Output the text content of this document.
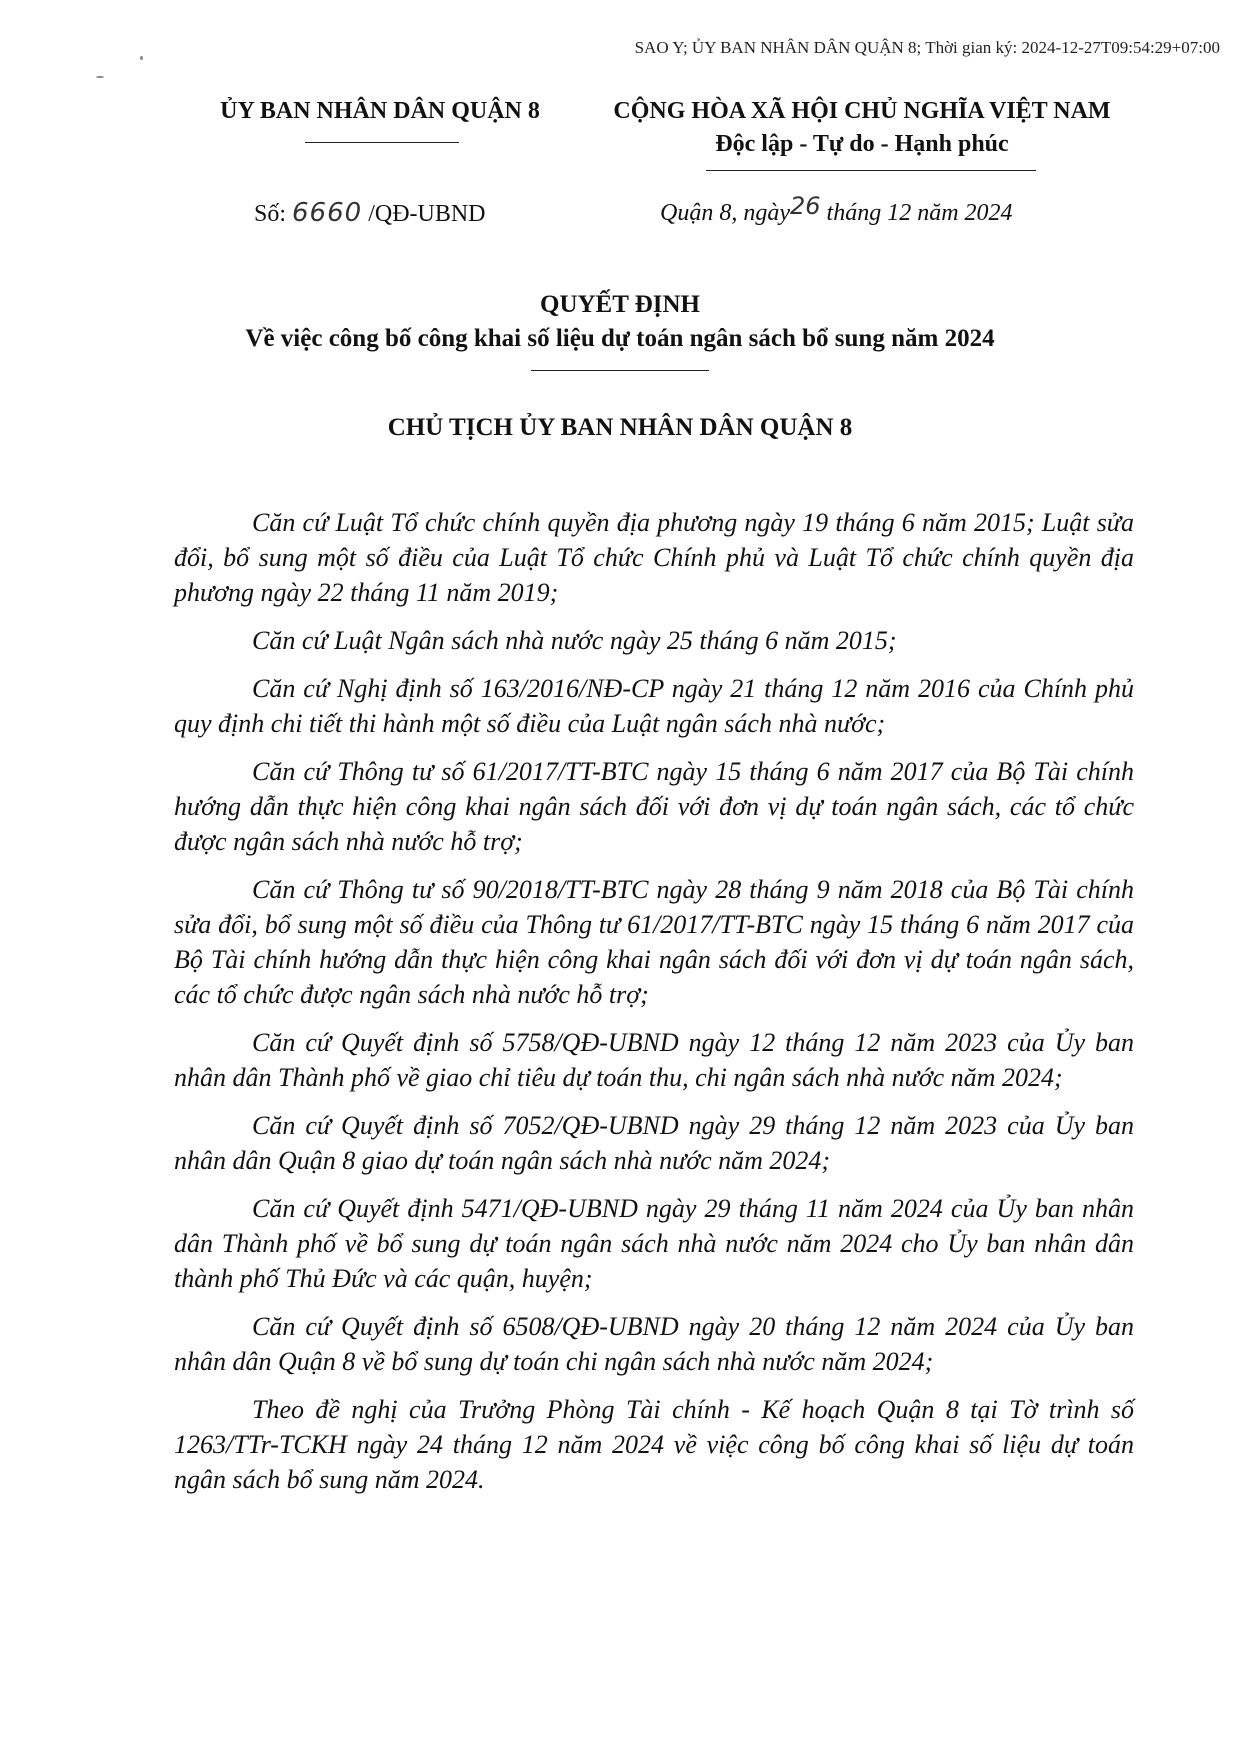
SAO Y; ỦY BAN NHÂN DÂN QUẬN 8; Thời gian ký: 2024-12-27T09:54:29+07:00
ỦY BAN NHÂN DÂN QUẬN 8	CỘNG HÒA XÃ HỘI CHỦ NGHĨA VIỆT NAM
Độc lập - Tự do - Hạnh phúc
Số: 6660 /QĐ-UBND	Quận 8, ngày26 tháng 12 năm 2024
QUYẾT ĐỊNH
Về việc công bố công khai số liệu dự toán ngân sách bổ sung năm 2024
CHỦ TỊCH ỦY BAN NHÂN DÂN QUẬN 8

Căn cứ Luật Tổ chức chính quyền địa phương ngày 19 tháng 6 năm 2015; Luật sửa đổi, bổ sung một số điều của Luật Tổ chức Chính phủ và Luật Tổ chức chính quyền địa phương ngày 22 tháng 11 năm 2019;

Căn cứ Luật Ngân sách nhà nước ngày 25 tháng 6 năm 2015;

Căn cứ Nghị định số 163/2016/NĐ-CP ngày 21 tháng 12 năm 2016 của Chính phủ quy định chi tiết thi hành một số điều của Luật ngân sách nhà nước;

Căn cứ Thông tư số 61/2017/TT-BTC ngày 15 tháng 6 năm 2017 của Bộ Tài chính hướng dẫn thực hiện công khai ngân sách đối với đơn vị dự toán ngân sách, các tổ chức được ngân sách nhà nước hỗ trợ;

Căn cứ Thông tư số 90/2018/TT-BTC ngày 28 tháng 9 năm 2018 của Bộ Tài chính sửa đổi, bổ sung một số điều của Thông tư 61/2017/TT-BTC ngày 15 tháng 6 năm 2017 của Bộ Tài chính hướng dẫn thực hiện công khai ngân sách đối với đơn vị dự toán ngân sách, các tổ chức được ngân sách nhà nước hỗ trợ;

Căn cứ Quyết định số 5758/QĐ-UBND ngày 12 tháng 12 năm 2023 của Ủy ban nhân dân Thành phố về giao chỉ tiêu dự toán thu, chi ngân sách nhà nước năm 2024;

Căn cứ Quyết định số 7052/QĐ-UBND ngày 29 tháng 12 năm 2023 của Ủy ban nhân dân Quận 8 giao dự toán ngân sách nhà nước năm 2024;

Căn cứ Quyết định 5471/QĐ-UBND ngày 29 tháng 11 năm 2024 của Ủy ban nhân dân Thành phố về bổ sung dự toán ngân sách nhà nước năm 2024 cho Ủy ban nhân dân thành phố Thủ Đức và các quận, huyện;

Căn cứ Quyết định số 6508/QĐ-UBND ngày 20 tháng 12 năm 2024 của Ủy ban nhân dân Quận 8 về bổ sung dự toán chi ngân sách nhà nước năm 2024;

Theo đề nghị của Trưởng Phòng Tài chính - Kế hoạch Quận 8 tại Tờ trình số 1263/TTr-TCKH ngày 24 tháng 12 năm 2024 về việc công bố công khai số liệu dự toán ngân sách bổ sung năm 2024.
